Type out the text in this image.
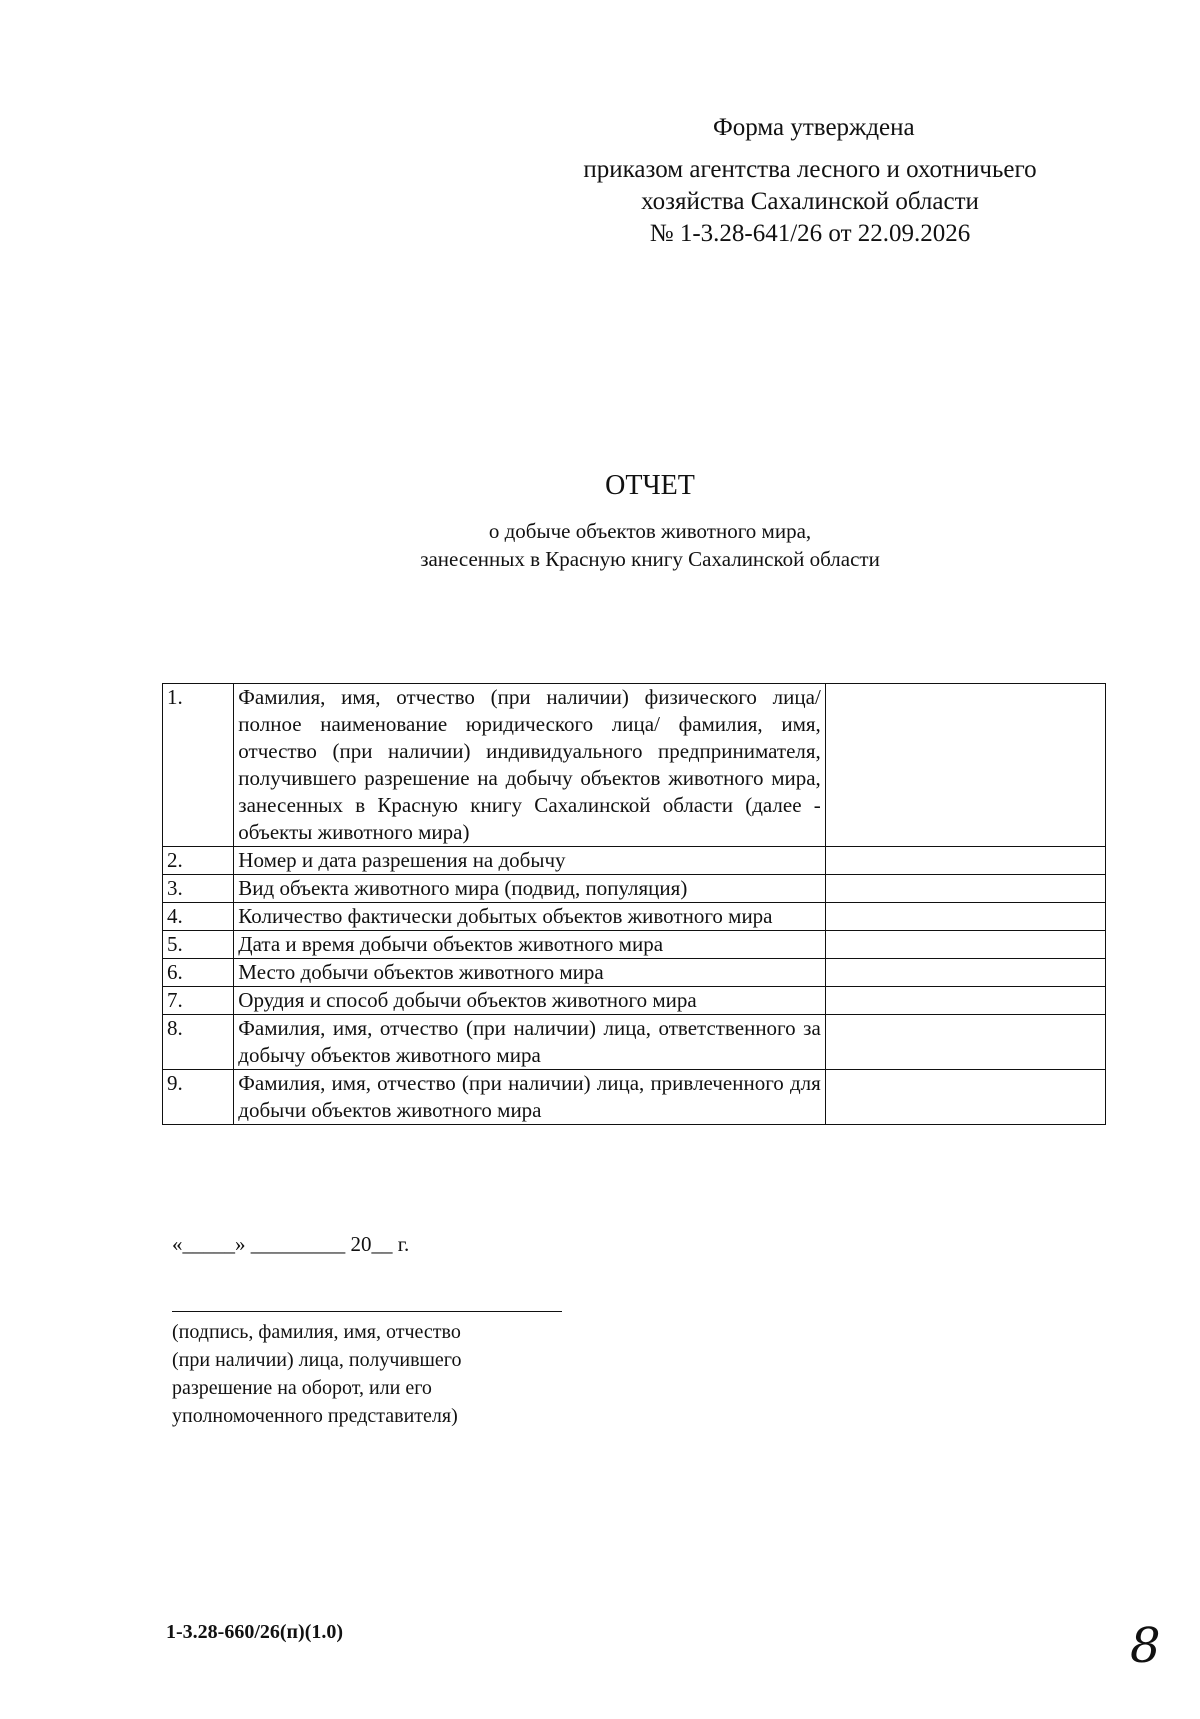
Форма утверждена
приказом агентства лесного и охотничьего
хозяйства Сахалинской области
№ 1-3.28-641/26 от 22.09.2026
ОТЧЕТ
о добыче объектов животного мира,
занесенных в Красную книгу Сахалинской области
1.	Фамилия, имя, отчество (при наличии) физического лица/ полное наименование юридического лица/ фамилия, имя, отчество (при наличии) индивидуального предпринимателя, получившего разрешение на добычу объектов животного мира, занесенных в Красную книгу Сахалинской области (далее - объекты животного мира)	
2.	Номер и дата разрешения на добычу	
3.	Вид объекта животного мира (подвид, популяция)	
4.	Количество фактически добытых объектов животного мира	
5.	Дата и время добычи объектов животного мира	
6.	Место добычи объектов животного мира	
7.	Орудия и способ добычи объектов животного мира	
8.	Фамилия, имя, отчество (при наличии) лица, ответственного за добычу объектов животного мира	
9.	Фамилия, имя, отчество (при наличии) лица, привлеченного для добычи объектов животного мира	
«_____» _________ 20__ г.
(подпись, фамилия, имя, отчество
(при наличии) лица, получившего
разрешение на оборот, или его
уполномоченного представителя)
1-3.28-660/26(п)(1.0)	8
